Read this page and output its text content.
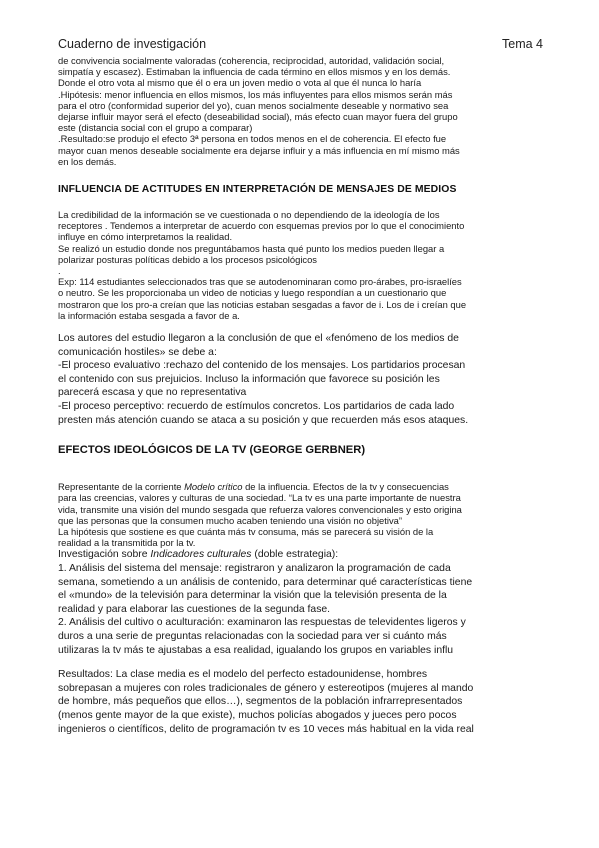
Cuaderno de investigación	Tema 4

de convivencia socialmente valoradas (coherencia, reciprocidad, autoridad, validación social,

simpatía y escasez). Estimaban la influencia de cada término en ellos mismos y en los demás.

Donde el otro vota al mismo que él o era un joven medio o vota al que él nunca lo haría

.Hipótesis: menor influencia en ellos mismos, los más influyentes para ellos mismos serán más

para el otro (conformidad superior del yo), cuan menos socialmente deseable y normativo sea

dejarse influir mayor será el efecto (deseabilidad social), más efecto cuan mayor fuera del grupo

este (distancia social con el grupo a comparar)

.Resultado:se produjo el efecto 3ª persona en todos menos en el de coherencia. El efecto fue

mayor cuan menos deseable socialmente era dejarse influir y a más influencia en mí mismo más

en los demás.

INFLUENCIA DE ACTITUDES EN INTERPRETACIÓN DE MENSAJES DE MEDIOS

La credibilidad de la información se ve cuestionada o no dependiendo de la ideología de los

receptores . Tendemos a interpretar de acuerdo con esquemas previos por lo que el conocimiento

influye en cómo interpretamos la realidad.

Se realizó un estudio donde nos preguntábamos hasta qué punto los medios pueden llegar a

polarizar posturas políticas debido a los procesos psicológicos

.

Exp: 114 estudiantes seleccionados tras que se autodenominaran como pro-árabes, pro-israelíes

o neutro. Se les proporcionaba un video de noticias y luego respondían a un cuestionario que

mostraron que los pro-a creían que las noticias estaban sesgadas a favor de i. Los de i creían que

la información estaba sesgada a favor de a.

Los autores del estudio llegaron a la conclusión de que el «fenómeno de los medios de

comunicación hostiles» se debe a:

-El proceso evaluativo :rechazo del contenido de los mensajes. Los partidarios procesan

el contenido con sus prejuicios. Incluso la información que favorece su posición les

parecerá escasa y que no representativa

-El proceso perceptivo: recuerdo de estímulos concretos. Los partidarios de cada lado

presten más atención cuando se ataca a su posición y que recuerden más esos ataques.

EFECTOS IDEOLÓGICOS DE LA TV (GEORGE GERBNER)

Representante de la corriente Modelo crítico de la influencia. Efectos de la tv y consecuencias

para las creencias, valores y culturas de una sociedad. “La tv es una parte importante de nuestra

vida, transmite una visión del mundo sesgada que refuerza valores convencionales y esto origina

que las personas que la consumen mucho acaben teniendo una visión no objetiva”

La hipótesis que sostiene es que cuánta más tv consuma, más se parecerá su visión de la

realidad a la transmitida por la tv.

Investigación sobre Indicadores culturales (doble estrategia):

1. Análisis del sistema del mensaje: registraron y analizaron la programación de cada

semana, sometiendo a un análisis de contenido, para determinar qué características tiene

el «mundo» de la televisión para determinar la visión que la televisión presenta de la

realidad y para elaborar las cuestiones de la segunda fase.

2. Análisis del cultivo o aculturación: examinaron las respuestas de televidentes ligeros y

duros a una serie de preguntas relacionadas con la sociedad para ver si cuánto más

utilizaras la tv más te ajustabas a esa realidad, igualando los grupos en variables influ

Resultados: La clase media es el modelo del perfecto estadounidense, hombres

sobrepasan a mujeres con roles tradicionales de género y estereotipos (mujeres al mando

de hombre, más pequeños que ellos…), segmentos de la población infrarrepresentados

(menos gente mayor de la que existe), muchos policías abogados y jueces pero pocos

ingenieros o científicos, delito de programación tv es 10 veces más habitual en la vida real
